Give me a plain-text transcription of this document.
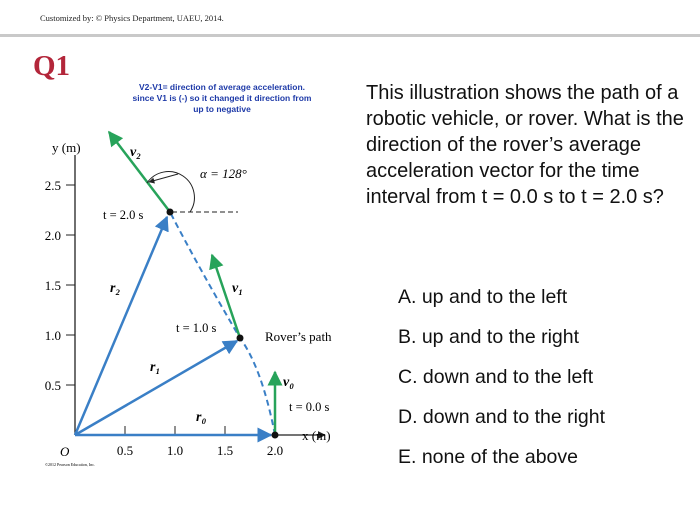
Customized by: © Physics Department, UAEU, 2014.
Q1
V2-V1= direction of average acceleration.
since V1 is (-) so it changed it direction from
up to negative
2.5
2.0
1.5
1.0
0.5
y (m)
0.5	1.0	1.5	2.0
O
x (m)
α = 128°
t = 2.0 s
t = 1.0 s
t = 0.0 s
Rover’s path
v₂
v₁
v₀
r₂
r₁
r₀
©2012 Pearson Education, Inc.
This illustration shows the path of a robotic vehicle, or rover. What is the direction of the rover’s average acceleration vector for the time interval from t = 0.0 s to t = 2.0 s?
A. up and to the left
B. up and to the right
C. down and to the left
D. down and to the right
E. none of the above
